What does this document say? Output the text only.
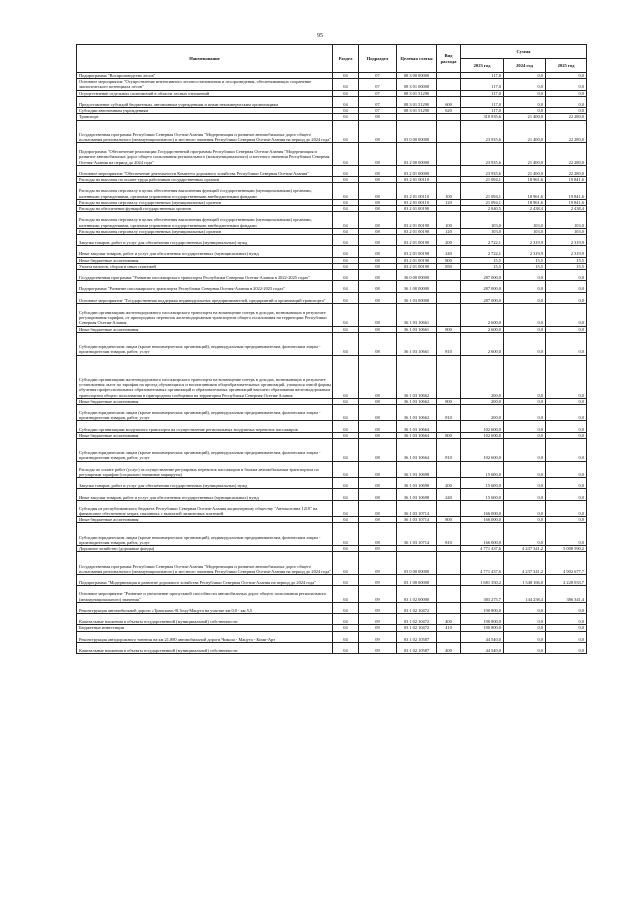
95
Наименование	Раздел	Подраздел	Целевая статья	Вид расхода	Сумма		
					2023 год	2024 год	2025 год
Подпрограмма "Воспроизводство лесов"	04	07	08 3 00 00000		117,0	0,0	0,0
Основное мероприятие "Осуществление интенсивного лесовосстановления и лесоразведения, обеспечивающих сохранение экологического потенциала лесов"	04	07	08 3 01 00000		117,0	0,0	0,0
Осуществление отдельных полномочий в области лесных отношений	04	07	08 3 01 51290		117,0	0,0	0,0
Предоставление субсидий бюджетным, автономным учреждениям и иным некоммерческим организациям	04	07	08 3 01 51290	600	117,0	0,0	0,0
Субсидии автономным учреждениям	04	07	08 3 01 51290	620	117,0	0,0	0,0
Транспорт	04	08			310 935,6	21 400,0	22 280,0
Государственная программа Республики Северная Осетия-Алания "Модернизация и развитие автомобильных дорог общего пользования регионального (межмуниципального) и местного значения Республики Северная Осетия-Алания на период до 2024 года"	04	08	03 0 00 00000		23 935,6	21 400,0	22 280,0
Подпрограмма "Обеспечение реализации Государственной программы Республики Северная Осетия-Алания "Модернизация и развитие автомобильных дорог общего пользования регионального (межмуниципального) и местного значения Республики Северная Осетия-Алания на период до 2024 года"	04	08	03 2 00 00000		23 935,6	21 400,0	22 280,0
Основное мероприятие "Обеспечение деятельности Комитета дорожного хозяйства Республики Северная Осетия-Алания"	04	08	03 2 01 00000		23 935,6	21 400,0	22 280,0
Расходы на выплаты по оплате труда работников государственных органов	04	08	03 2 01 00110		21 094,1	18 961,6	19 841,6
Расходы на выплаты персоналу в целях обеспечения выполнения функций государственными (муниципальными) органами, казенными учреждениями, органами управления государственными внебюджетными фондами	04	08	03 2 01 00110	100	21 094,1	18 961,6	19 841,6
Расходы на выплаты персоналу государственных (муниципальных) органов	04	08	03 2 01 00110	120	21 094,1	18 961,6	19 841,6
Расходы на обеспечение функций государственных органов	04	08	03 2 01 00190		2 840,5	2 438,4	2 438,4
Расходы на выплаты персоналу в целях обеспечения выполнения функций государственными (муниципальными) органами, казенными учреждениями, органами управления государственными внебюджетными фондами	04	08	03 2 01 00190	100	103,0	103,0	103,0
Расходы на выплаты персоналу государственных (муниципальных) органов	04	08	03 2 01 00190	120	103,0	103,0	103,0
Закупка товаров, работ и услуг для обеспечения государственных (муниципальных) нужд	04	08	03 2 01 00190	200	2 722,1	2 319,9	2 319,9
Иные закупки товаров, работ и услуг для обеспечения государственных (муниципальных) нужд	04	08	03 2 01 00190	240	2 722,1	2 319,9	2 319,9
Иные бюджетные ассигнования	04	08	03 2 01 00190	800	15,5	15,5	15,5
Уплата налогов, сборов и иных платежей	04	08	03 2 01 00190	850	15,5	15,5	15,5
Государственная программа "Развитие пассажирского транспорта Республики Северная Осетия-Алания в 2022-2025 годах"	04	08	36 0 00 00000		287 000,0	0,0	0,0
Подпрограмма "Развитие пассажирского транспорта Республики Северная Осетия-Алания в 2022-2025 годах"	04	08	36 1 00 00000		287 000,0	0,0	0,0
Основное мероприятие "Государственная поддержка индивидуальных предпринимателей, предприятий и организаций транспорта"	04	08	36 1 03 00000		287 000,0	0,0	0,0
Субсидии организациям железнодорожного пассажирского транспорта на возмещение потерь в доходах, возникающих в результате регулирования тарифов, от пригородных перевозок железнодорожным транспортом общего пользования на территории Республики Северная Осетия-Алания	04	08	36 1 03 10661		2 600,0	0,0	0,0
Иные бюджетные ассигнования	04	08	36 1 03 10661	800	2 600,0	0,0	0,0
Субсидии юридическим лицам (кроме некоммерческих организаций), индивидуальным предпринимателям, физическим лицам - производителям товаров, работ, услуг	04	08	36 1 03 10661	810	2 600,0	0,0	0,0
Субсидии организациям железнодорожного пассажирского транспорта на возмещение потерь в доходах, возникающих в результате установления льгот по тарифам на проезд обучающихся и воспитанников общеобразовательных организаций, учащихся очной формы обучения профессиональных образовательных организаций и образовательных организаций высшего образования железнодорожным транспортом общего пользования в пригородном сообщении на территории Республики Северная Осетия-Алания	04	08	36 1 03 10662		200,0	0,0	0,0
Иные бюджетные ассигнования	04	08	36 1 03 10662	800	200,0	0,0	0,0
Субсидии юридическим лицам (кроме некоммерческих организаций), индивидуальным предпринимателям, физическим лицам - производителям товаров, работ, услуг	04	08	36 1 03 10662	810	200,0	0,0	0,0
Субсидии организациям воздушного транспорта на осуществление региональных воздушных перевозок пассажиров	04	08	36 1 03 10664		102 600,0	0,0	0,0
Иные бюджетные ассигнования	04	08	36 1 03 10664	800	102 600,0	0,0	0,0
Субсидии юридическим лицам (кроме некоммерческих организаций), индивидуальным предпринимателям, физическим лицам - производителям товаров, работ, услуг	04	08	36 1 03 10664	810	102 600,0	0,0	0,0
Расходы по оплате работ (услуг) за осуществление регулярных перевозок пассажиров и багажа автомобильным транспортом по регулярным тарифам (социально значимые маршруты)	04	08	36 1 03 10698		15 600,0	0,0	0,0
Закупка товаров, работ и услуг для обеспечения государственных (муниципальных) нужд	04	08	36 1 03 10698	200	15 600,0	0,0	0,0
Иные закупки товаров, работ и услуг для обеспечения государственных (муниципальных) нужд	04	08	36 1 03 10698	240	15 600,0	0,0	0,0
Субсидия из республиканского бюджета Республики Северная Осетия-Алания акционерному обществу "Автоколонна 1210" на финансовое обеспечение затрат, связанных с выплатой лизинговых платежей	04	08	36 1 03 10714		166 000,0	0,0	0,0
Иные бюджетные ассигнования	04	08	36 1 03 10714	800	166 000,0	0,0	0,0
Субсидии юридическим лицам (кроме некоммерческих организаций), индивидуальным предпринимателям, физическим лицам - производителям товаров, работ, услуг	04	08	36 1 03 10714	810	166 000,0	0,0	0,0
Дорожное хозяйство (дорожные фонды)	04	09			4 771 437,6	4 237 341,2	5 008 590,2
Государственная программа Республики Северная Осетия-Алания "Модернизация и развитие автомобильных дорог общего пользования регионального (межмуниципального) и местного значения Республики Северная Осетия-Алания на период до 2024 года"	04	09	03 0 00 00000		4 771 437,6	4 237 341,2	4 902 677,7
Подпрограмма "Модернизация и развитие дорожного хозяйства Республики Северная Осетия-Алания на период до 2024 года"	04	09	03 1 00 00000		1 681 350,2	1 548 166,0	2 228 033,7
Основное мероприятие "Развитие и увеличение пропускной способности автомобильных дорог общего пользования регионального (межмуниципального) значения"	04	09	03 1 02 00000		383 275,7	144 258,4	386 341,4
Реконструкция автомобильной дороги «Транскам»-В.Згид-Мацута на участке км 0,0 - км 5,5	04	09	03 1 02 10472		190 800,0	0,0	0,0
Капитальные вложения в объекты государственной (муниципальной) собственности	04	09	03 1 02 10472	400	190 800,0	0,0	0,0
Бюджетные инвестиции	04	09	03 1 02 10472	410	190 800,0	0,0	0,0
Реконструкция автодорожного тоннеля на км 21,880 автомобильной дороги Чикола - Мацута - Коми-Арт	04	09	03 1 02 10587		44 540,0	0,0	0,0
Капитальные вложения в объекты государственной (муниципальной) собственности	04	09	03 1 02 10587	400	44 540,0	0,0	0,0
